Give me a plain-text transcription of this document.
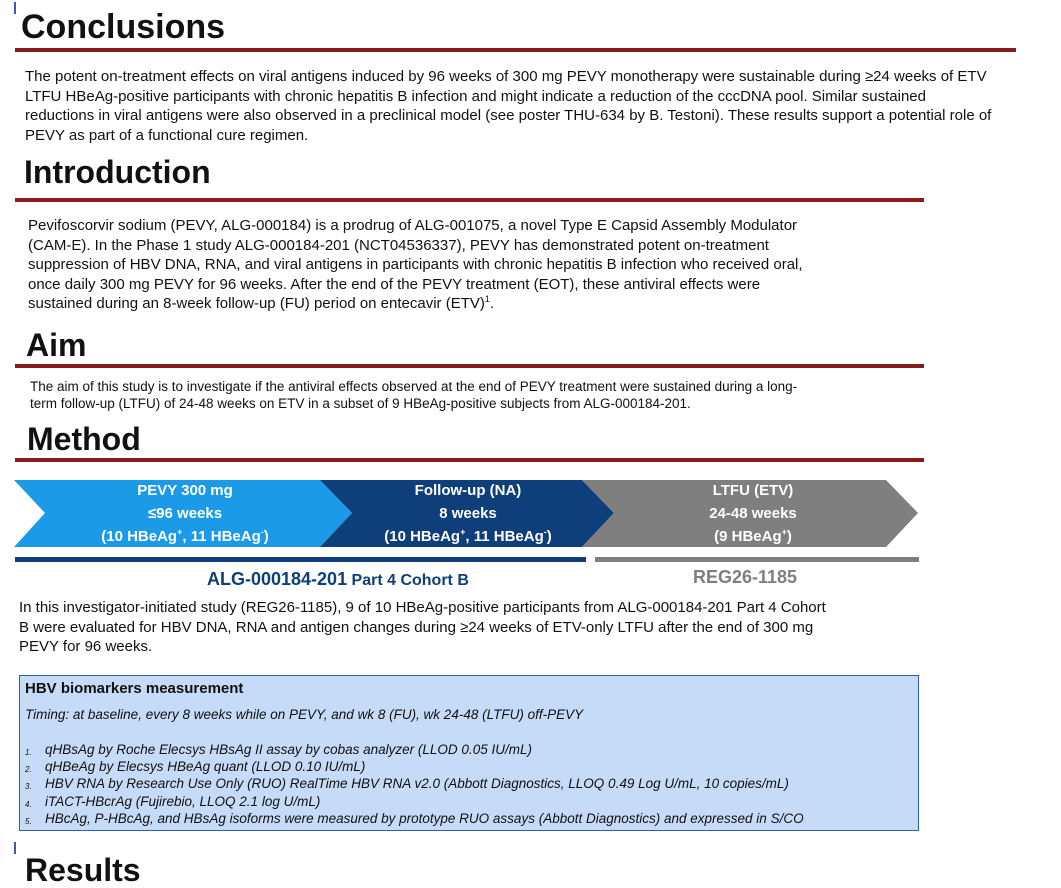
Conclusions
The potent on-treatment effects on viral antigens induced by 96 weeks of 300 mg PEVY monotherapy were sustainable during ≥24 weeks of ETV
LTFU HBeAg-positive participants with chronic hepatitis B infection and might indicate a reduction of the cccDNA pool. Similar sustained
reductions in viral antigens were also observed in a preclinical model (see poster THU-634 by B. Testoni). These results support a potential role of
PEVY as part of a functional cure regimen.
Introduction
Pevifoscorvir sodium (PEVY, ALG-000184) is a prodrug of ALG-001075, a novel Type E Capsid Assembly Modulator
(CAM-E). In the Phase 1 study ALG-000184-201 (NCT04536337), PEVY has demonstrated potent on-treatment
suppression of HBV DNA, RNA, and viral antigens in participants with chronic hepatitis B infection who received oral,
once daily 300 mg PEVY for 96 weeks. After the end of the PEVY treatment (EOT), these antiviral effects were
sustained during an 8-week follow-up (FU) period on entecavir (ETV)$^1$.
Aim
The aim of this study is to investigate if the antiviral effects observed at the end of PEVY treatment were sustained during a long-
term follow-up (LTFU) of 24-48 weeks on ETV in a subset of 9 HBeAg-positive subjects from ALG-000184-201.
Method
PEVY 300 mg
≤96 weeks
(10 HBeAg+, 11 HBeAg-)
Follow-up (NA)
8 weeks
(10 HBeAg+, 11 HBeAg-)
LTFU (ETV)
24-48 weeks
(9 HBeAg+)
ALG-000184-201 Part 4 Cohort B	REG26-1185
In this investigator-initiated study (REG26-1185), 9 of 10 HBeAg-positive participants from ALG-000184-201 Part 4 Cohort
B were evaluated for HBV DNA, RNA and antigen changes during ≥24 weeks of ETV-only LTFU after the end of 300 mg
PEVY for 96 weeks.
HBV biomarkers measurement
Timing: at baseline, every 8 weeks while on PEVY, and wk 8 (FU), wk 24-48 (LTFU) off-PEVY
1. qHBsAg by Roche Elecsys HBsAg II assay by cobas analyzer (LLOD 0.05 IU/mL)
2. qHBeAg by Elecsys HBeAg quant (LLOD 0.10 IU/mL)
3. HBV RNA by Research Use Only (RUO) RealTime HBV RNA v2.0 (Abbott Diagnostics, LLOQ 0.49 Log U/mL, 10 copies/mL)
4. iTACT-HBcrAg (Fujirebio, LLOQ 2.1 log U/mL)
5. HBcAg, P-HBcAg, and HBsAg isoforms were measured by prototype RUO assays (Abbott Diagnostics) and expressed in S/CO
Results
